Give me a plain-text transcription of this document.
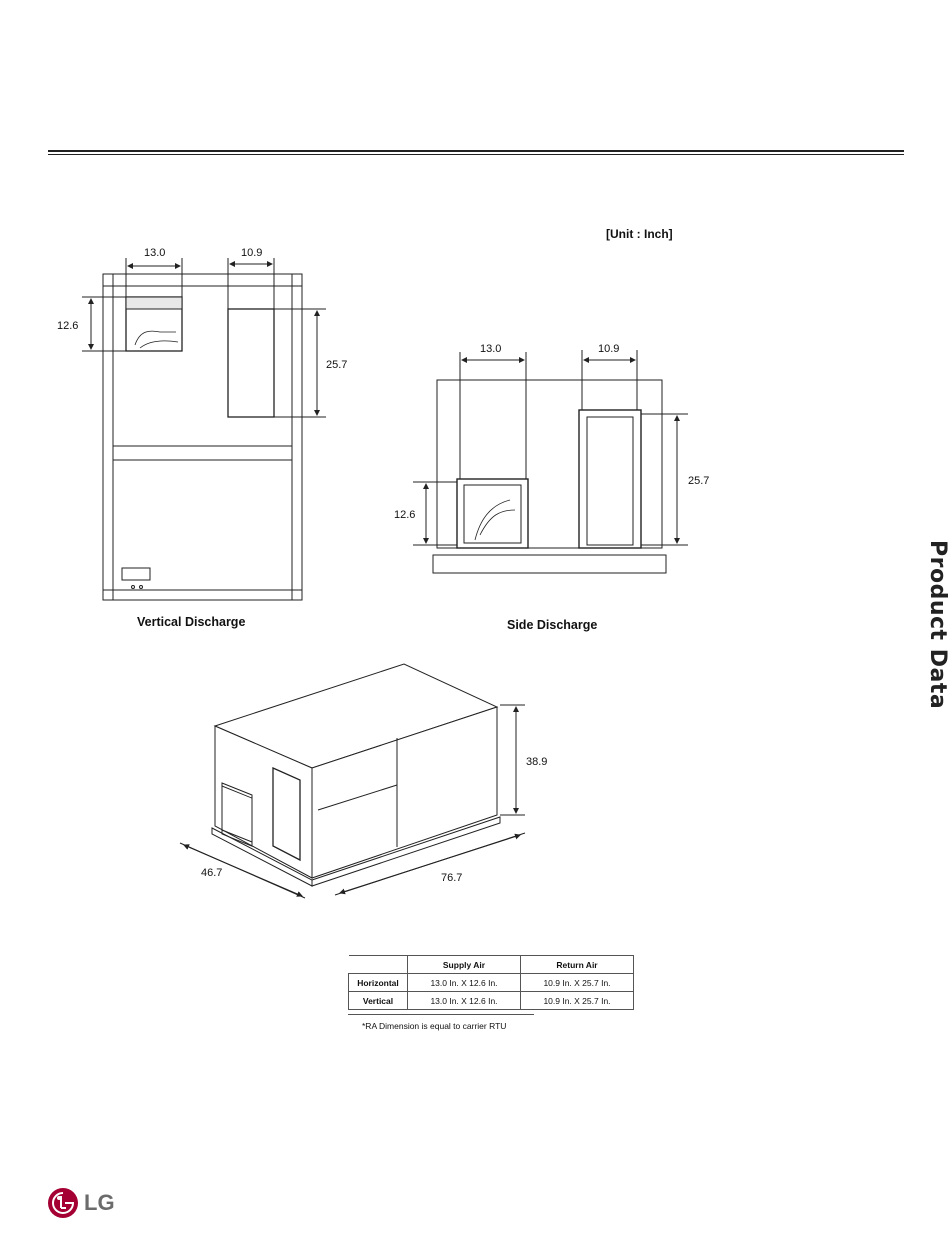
[Unit : Inch]
Product Data
13.0	10.9
12.6
25.7
Vertical Discharge
13.0	10.9
12.6
25.7
Side Discharge
38.9
46.7	76.7
	Supply Air	Return Air
Horizontal	13.0 In. X 12.6 In.	10.9 In. X 25.7 In.
Vertical	13.0 In. X 12.6 In.	10.9 In. X 25.7 In.
*RA Dimension is equal to carrier RTU
LG
